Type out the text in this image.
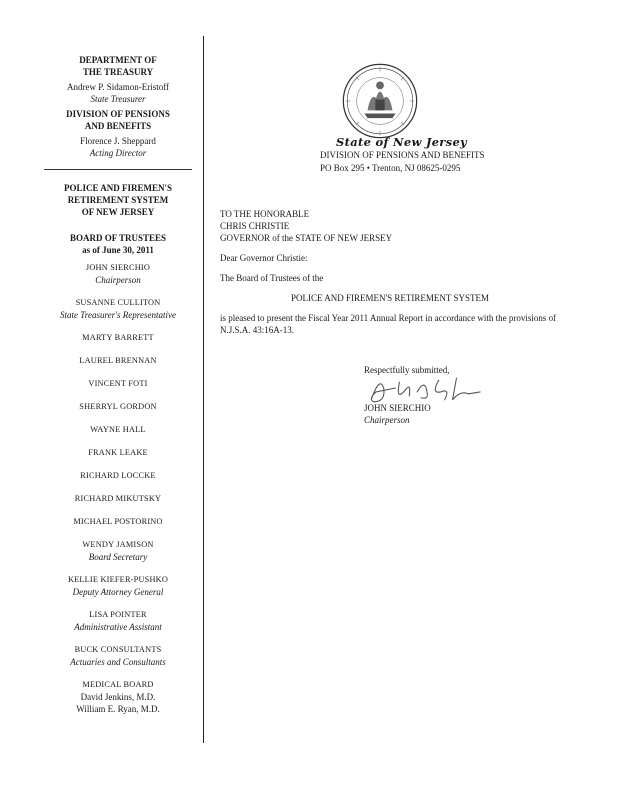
DEPARTMENT OF
THE TREASURY
Andrew P. Sidamon-Eristoff
State Treasurer
DIVISION OF PENSIONS
AND BENEFITS
Florence J. Sheppard
Acting Director
POLICE AND FIREMEN'S
RETIREMENT SYSTEM
OF NEW JERSEY
BOARD OF TRUSTEES
as of June 30, 2011
JOHN SIERCHIO
Chairperson
SUSANNE CULLITON
State Treasurer's Representative
MARTY BARRETT
LAUREL BRENNAN
VINCENT FOTI
SHERRYL GORDON
WAYNE HALL
FRANK LEAKE
RICHARD LOCCKE
RICHARD MIKUTSKY
MICHAEL POSTORINO
WENDY JAMISON
Board Secretary
KELLIE KIEFER-PUSHKO
Deputy Attorney General
LISA POINTER
Administrative Assistant
BUCK CONSULTANTS
Actuaries and Consultants
MEDICAL BOARD
David Jenkins, M.D.
William E. Ryan, M.D.
State of New Jersey
DIVISION OF PENSIONS AND BENEFITS
PO Box 295 • Trenton, NJ 08625-0295

TO THE HONORABLE

CHRIS CHRISTIE

GOVERNOR of the STATE OF NEW JERSEY

Dear Governor Christie:

The Board of Trustees of the

POLICE AND FIREMEN'S RETIREMENT SYSTEM

is pleased to present the Fiscal Year 2011 Annual Report in accordance with the provisions of N.J.S.A. 43:16A-13.

Respectfully submitted,
JOHN SIERCHIO
Chairperson
